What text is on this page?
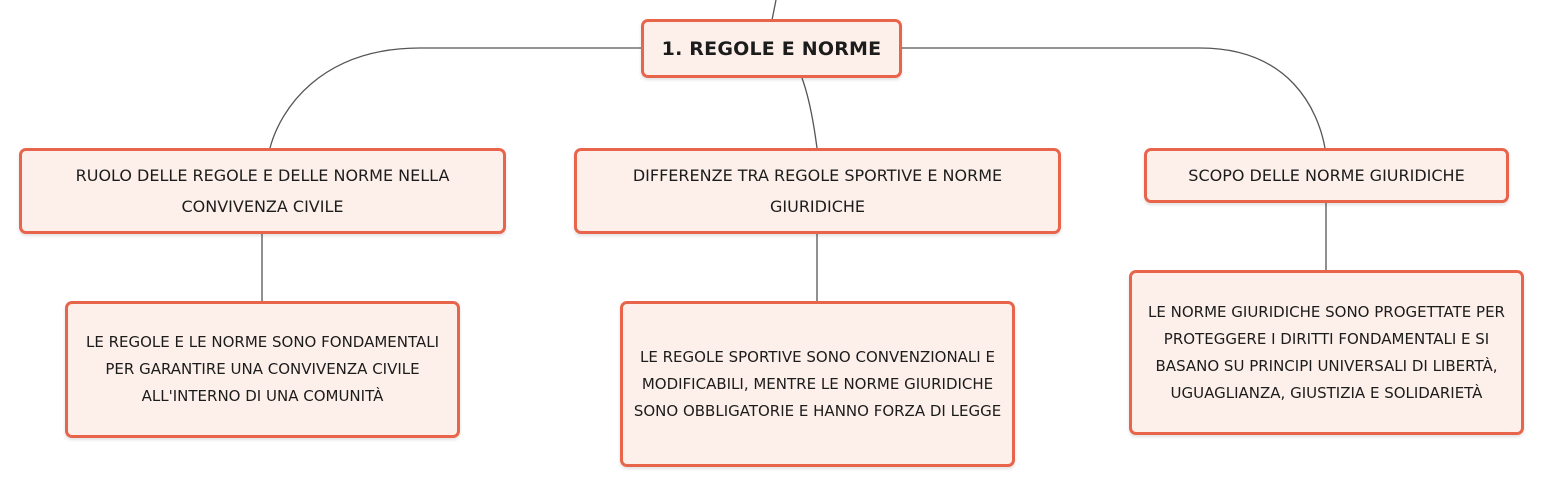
1. REGOLE E NORME
RUOLO DELLE REGOLE E DELLE NORME NELLA CONVIVENZA CIVILE
DIFFERENZE TRA REGOLE SPORTIVE E NORME GIURIDICHE
SCOPO DELLE NORME GIURIDICHE
LE REGOLE E LE NORME SONO FONDAMENTALI PER GARANTIRE UNA CONVIVENZA CIVILE ALL'INTERNO DI UNA COMUNITÀ
LE REGOLE SPORTIVE SONO CONVENZIONALI E MODIFICABILI, MENTRE LE NORME GIURIDICHE SONO OBBLIGATORIE E HANNO FORZA DI LEGGE
LE NORME GIURIDICHE SONO PROGETTATE PER PROTEGGERE I DIRITTI FONDAMENTALI E SI BASANO SU PRINCIPI UNIVERSALI DI LIBERTÀ, UGUAGLIANZA, GIUSTIZIA E SOLIDARIETÀ
